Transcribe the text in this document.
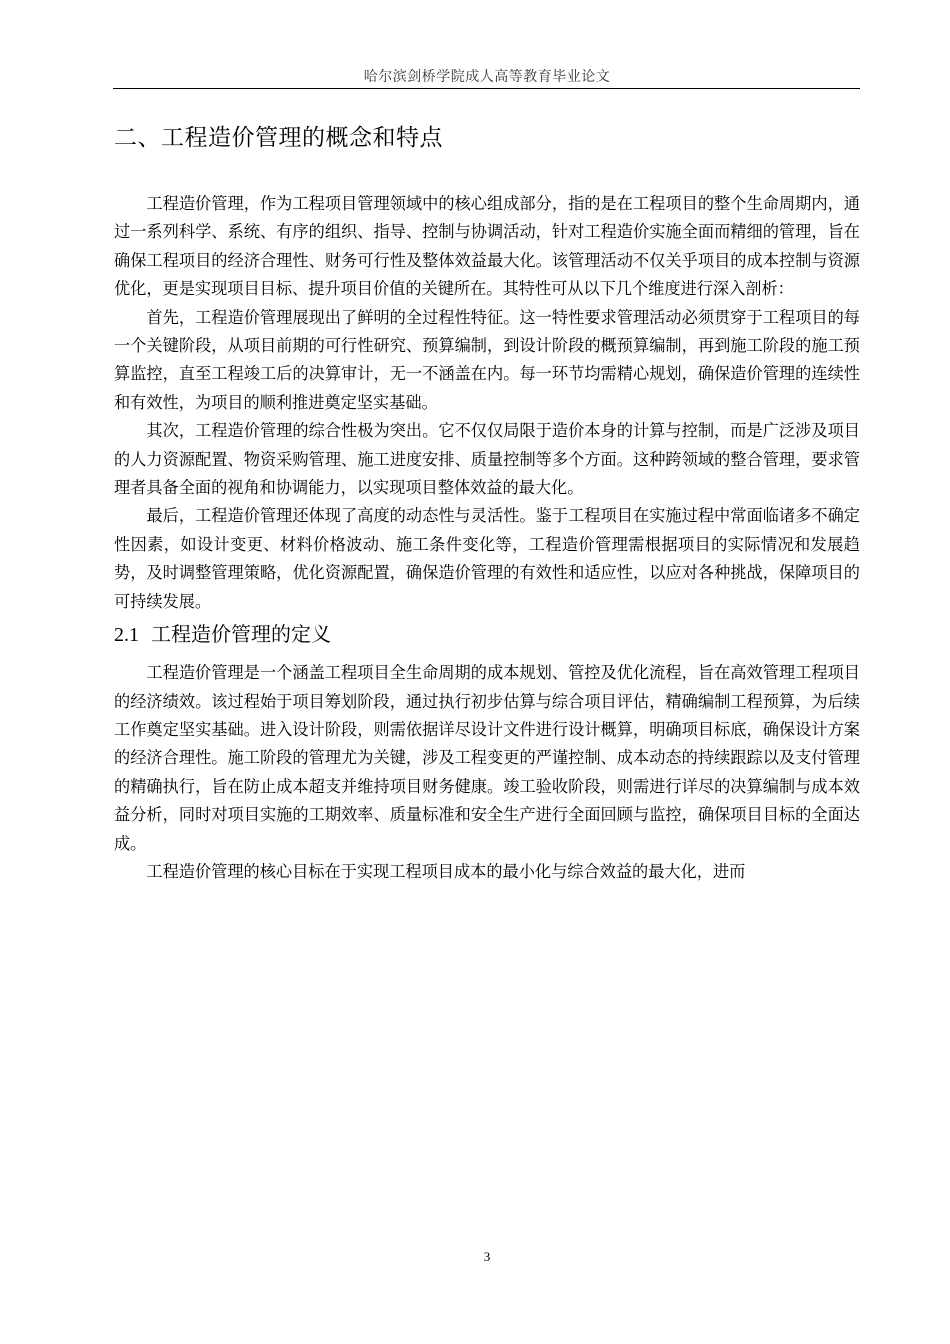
哈尔滨剑桥学院成人高等教育毕业论文
二、工程造价管理的概念和特点

工程造价管理，作为工程项目管理领域中的核心组成部分，指的是在工程项目的整个生命周期内，通过一系列科学、系统、有序的组织、指导、控制与协调活动，针对工程造价实施全面而精细的管理，旨在确保工程项目的经济合理性、财务可行性及整体效益最大化。该管理活动不仅关乎项目的成本控制与资源优化，更是实现项目目标、提升项目价值的关键所在。其特性可从以下几个维度进行深入剖析：

首先，工程造价管理展现出了鲜明的全过程性特征。这一特性要求管理活动必须贯穿于工程项目的每一个关键阶段，从项目前期的可行性研究、预算编制，到设计阶段的概预算编制，再到施工阶段的施工预算监控，直至工程竣工后的决算审计，无一不涵盖在内。每一环节均需精心规划，确保造价管理的连续性和有效性，为项目的顺利推进奠定坚实基础。

其次，工程造价管理的综合性极为突出。它不仅仅局限于造价本身的计算与控制，而是广泛涉及项目的人力资源配置、物资采购管理、施工进度安排、质量控制等多个方面。这种跨领域的整合管理，要求管理者具备全面的视角和协调能力，以实现项目整体效益的最大化。

最后，工程造价管理还体现了高度的动态性与灵活性。鉴于工程项目在实施过程中常面临诸多不确定性因素，如设计变更、材料价格波动、施工条件变化等，工程造价管理需根据项目的实际情况和发展趋势，及时调整管理策略，优化资源配置，确保造价管理的有效性和适应性，以应对各种挑战，保障项目的可持续发展。

2.1 工程造价管理的定义

工程造价管理是一个涵盖工程项目全生命周期的成本规划、管控及优化流程，旨在高效管理工程项目的经济绩效。该过程始于项目筹划阶段，通过执行初步估算与综合项目评估，精确编制工程预算，为后续工作奠定坚实基础。进入设计阶段，则需依据详尽设计文件进行设计概算，明确项目标底，确保设计方案的经济合理性。施工阶段的管理尤为关键，涉及工程变更的严谨控制、成本动态的持续跟踪以及支付管理的精确执行，旨在防止成本超支并维持项目财务健康。竣工验收阶段，则需进行详尽的决算编制与成本效益分析，同时对项目实施的工期效率、质量标准和安全生产进行全面回顾与监控，确保项目目标的全面达成。

工程造价管理的核心目标在于实现工程项目成本的最小化与综合效益的最大化，进而

3
